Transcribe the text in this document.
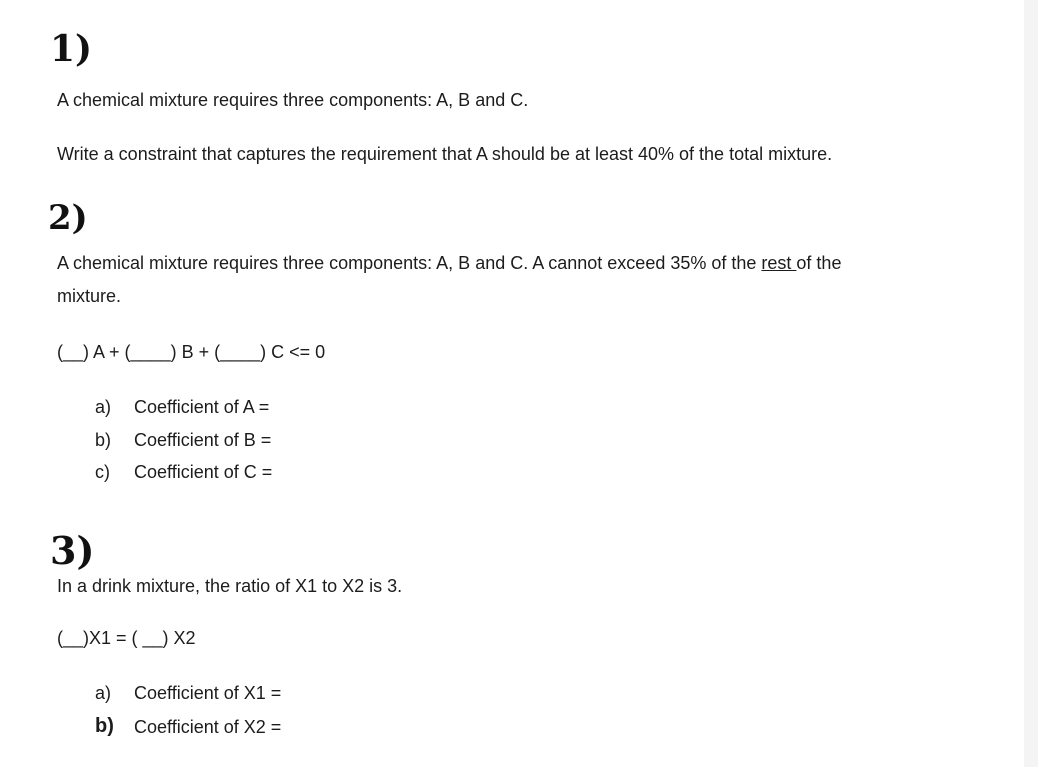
1)
A chemical mixture requires three components: A, B and C.
Write a constraint that captures the requirement that A should be at least 40% of the total mixture.
2)
A chemical mixture requires three components: A, B and C. A cannot exceed 35% of the rest of the
mixture.
(__) A + (____) B + (____) C <= 0
a) Coefficient of A =
b) Coefficient of B =
c) Coefficient of C =
3)
In a drink mixture, the ratio of X1 to X2 is 3.
(__)X1 = ( __) X2
a) Coefficient of X1 =
b) Coefficient of X2 =
